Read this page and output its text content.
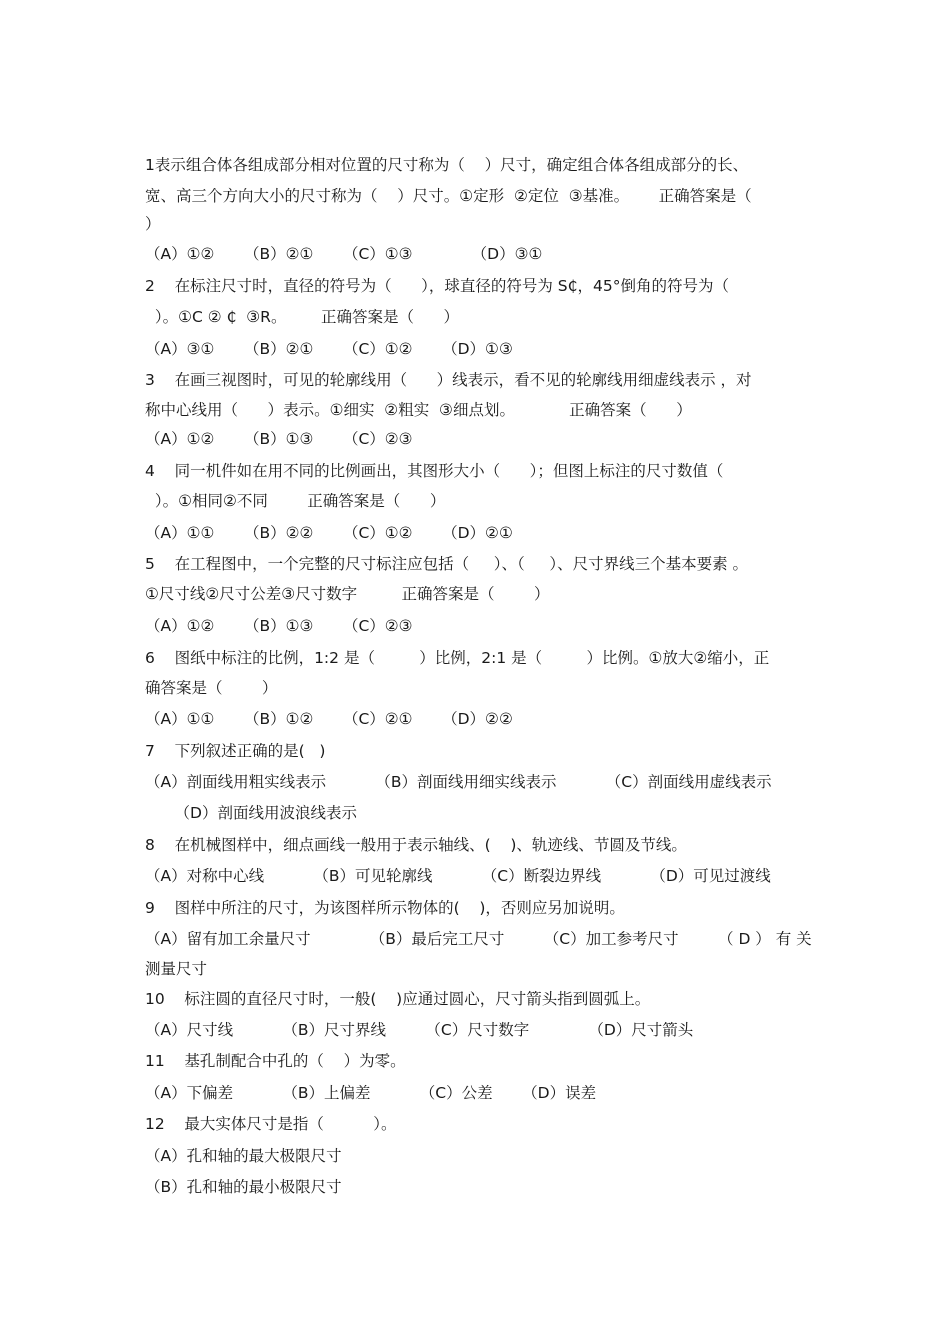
1表示组合体各组成部分相对位置的尺寸称为（    ）尺寸，确定组合体各组成部分的长、
宽、高三个方向大小的尺寸称为（    ）尺寸。①定形  ②定位  ③基准。      正确答案是（
）
（A）①②      （B）②①      （C）①③            （D）③①
2    在标注尺寸时，直径的符号为（      ），球直径的符号为 S₵，45°倒角的符号为（
）。①C ② ₵  ③R。       正确答案是（      ）
（A）③①      （B）②①      （C）①②      （D）①③
3    在画三视图时，可见的轮廓线用（      ）线表示，看不见的轮廓线用细虚线表示 ，对
称中心线用（      ）表示。①细实  ②粗实  ③细点划。           正确答案（      ）
（A）①②      （B）①③      （C）②③
4    同一机件如在用不同的比例画出，其图形大小（      ）；但图上标注的尺寸数值（
）。①相同②不同        正确答案是（      ）
（A）①①      （B）②②      （C）①②      （D）②①
5    在工程图中，一个完整的尺寸标注应包括（     ）、（     ）、尺寸界线三个基本要素 。
①尺寸线②尺寸公差③尺寸数字         正确答案是（        ）
（A）①②      （B）①③      （C）②③
6    图纸中标注的比例，1:2 是（         ）比例，2:1 是（         ）比例。①放大②缩小，正
确答案是（        ）
（A）①①      （B）①②      （C）②①      （D）②②
7    下列叙述正确的是(   )
（A）剖面线用粗实线表示          （B）剖面线用细实线表示          （C）剖面线用虚线表示
（D）剖面线用波浪线表示
8    在机械图样中，细点画线一般用于表示轴线、(    )、轨迹线、节圆及节线。
（A）对称中心线          （B）可见轮廓线          （C）断裂边界线          （D）可见过渡线
9    图样中所注的尺寸，为该图样所示物体的(    )，否则应另加说明。
（A）留有加工余量尺寸            （B）最后完工尺寸        （C）加工参考尺寸        （ D ） 有 关
测量尺寸
10    标注圆的直径尺寸时，一般(    )应通过圆心，尺寸箭头指到圆弧上。
（A）尺寸线          （B）尺寸界线        （C）尺寸数字            （D）尺寸箭头
11    基孔制配合中孔的（    ）为零。
（A）下偏差          （B）上偏差          （C）公差      （D）误差
12    最大实体尺寸是指（          ）。
（A）孔和轴的最大极限尺寸
（B）孔和轴的最小极限尺寸
